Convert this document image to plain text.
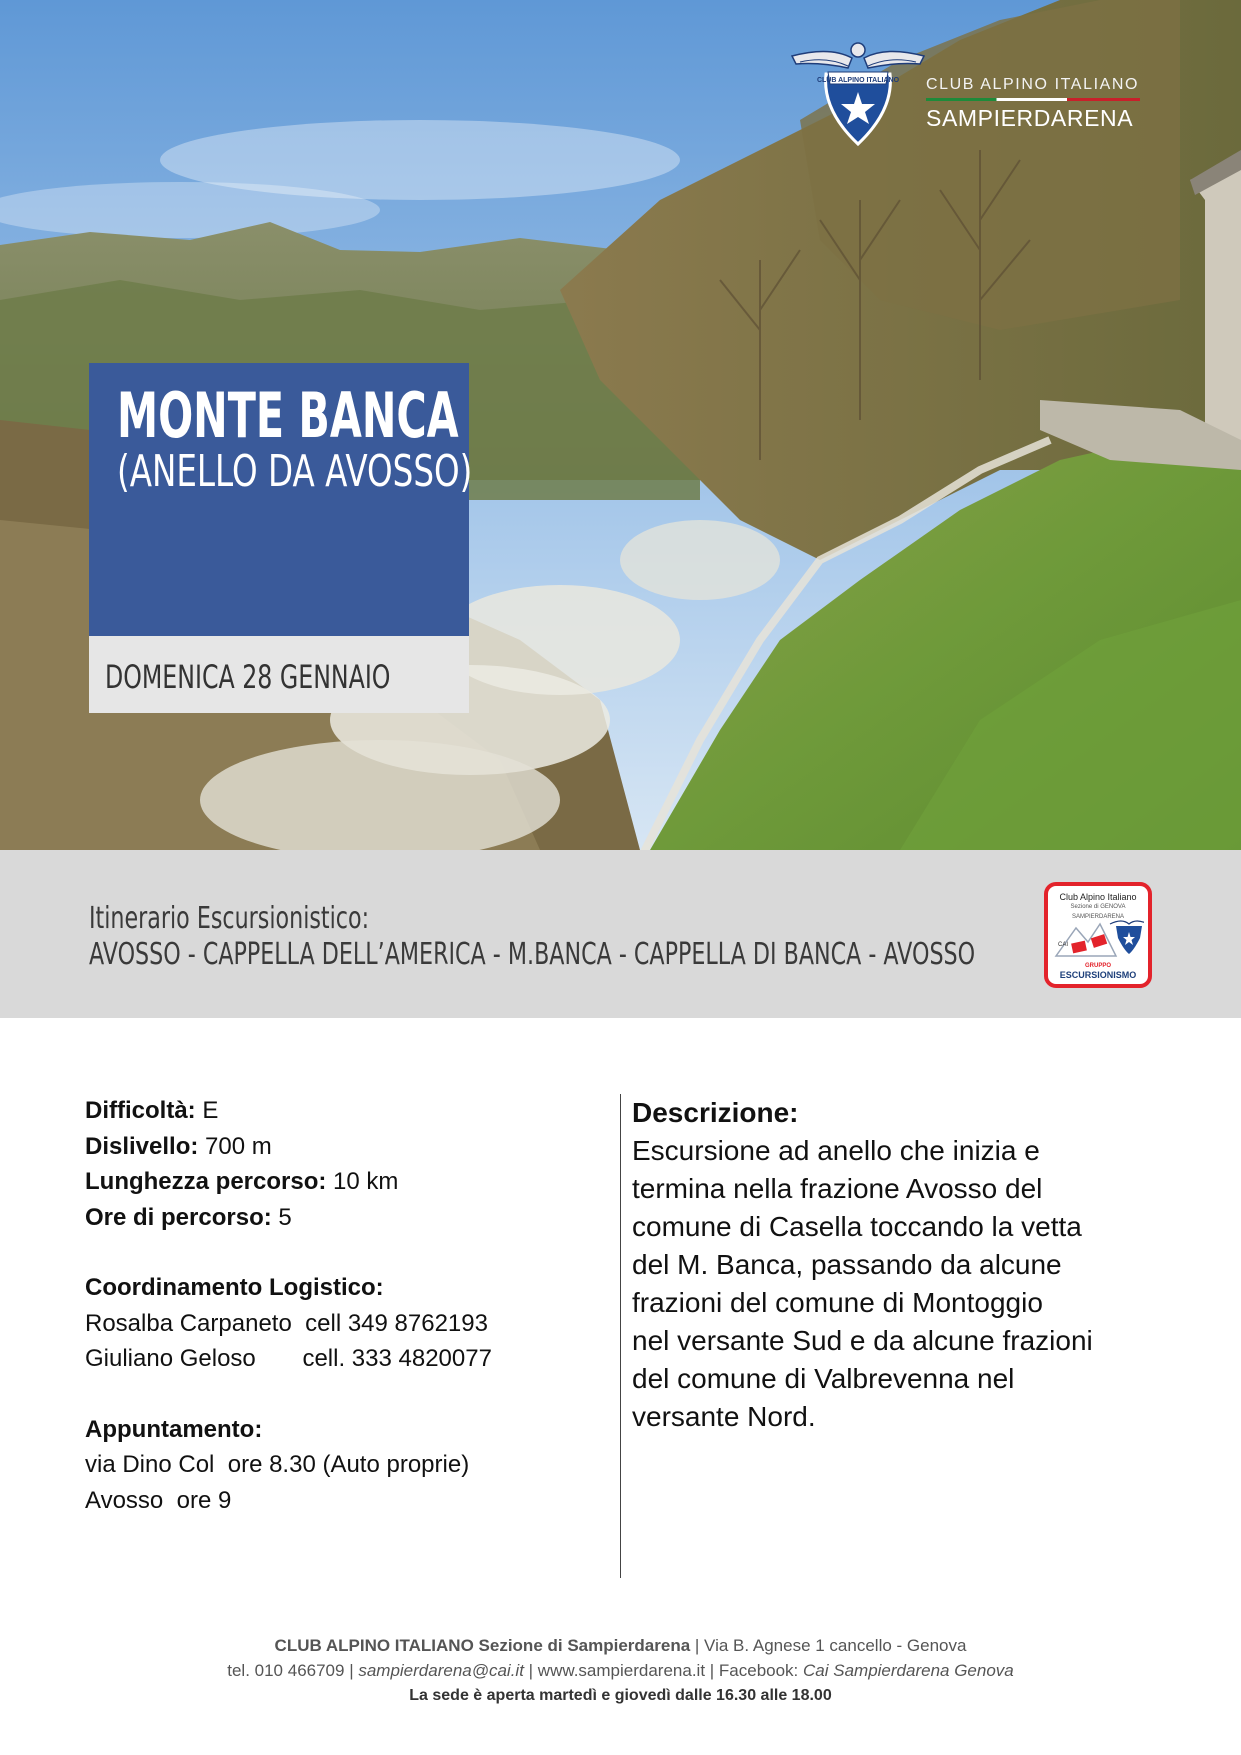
CLUB ALPINO ITALIANO CLUB ALPINO ITALIANO
SAMPIERDARENA
MONTE BANCA
(ANELLO DA AVOSSO)
DOMENICA 28 GENNAIO
Itinerario Escursionistico:
AVOSSO - CAPPELLA DELL’AMERICA - M.BANCA - CAPPELLA DI BANCA - AVOSSO
Club Alpino Italiano
Sezione di GENOVA SAMPIERDARENA
CAI
GRUPPO
ESCURSIONISMO
Difficoltà: E
Dislivello: 700 m
Lunghezza percorso: 10 km
Ore di percorso: 5
Coordinamento Logistico:
Rosalba Carpaneto  cell 349 8762193
Giuliano Geloso       cell. 333 4820077
Appuntamento:
via Dino Col  ore 8.30 (Auto proprie)
Avosso  ore 9
Descrizione:
Escursione ad anello che inizia e
termina nella frazione Avosso del
comune di Casella toccando la vetta
del M. Banca, passando da alcune
frazioni del comune di Montoggio
nel versante Sud e da alcune frazioni
del comune di Valbrevenna nel
versante Nord.
CLUB ALPINO ITALIANO Sezione di Sampierdarena | Via B. Agnese 1 cancello - Genova
tel. 010 466709 | sampierdarena@cai.it | www.sampierdarena.it | Facebook: Cai Sampierdarena Genova
La sede è aperta martedì e giovedì dalle 16.30 alle 18.00
